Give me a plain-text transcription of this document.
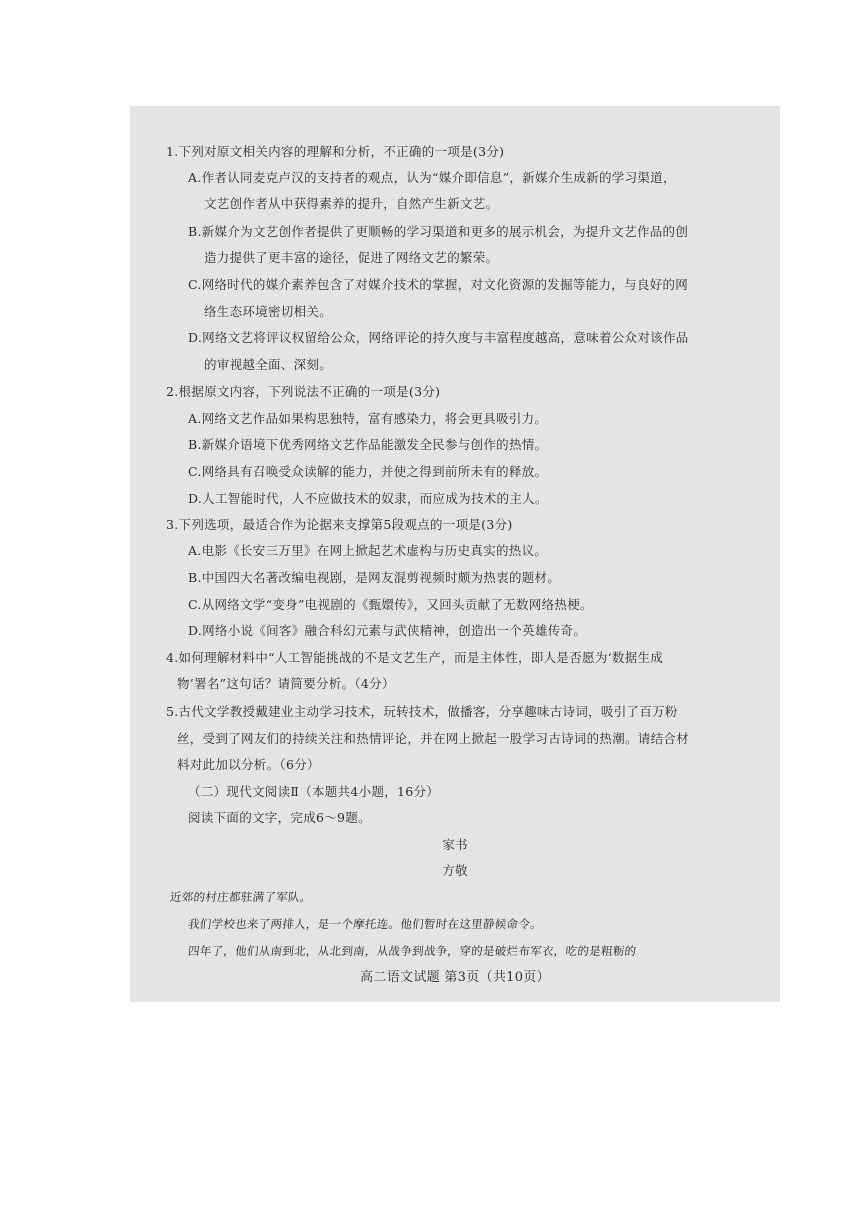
1.下列对原文相关内容的理解和分析，不正确的一项是(3分)
A.作者认同麦克卢汉的支持者的观点，认为“媒介即信息”，新媒介生成新的学习渠道，
文艺创作者从中获得素养的提升，自然产生新文艺。
B.新媒介为文艺创作者提供了更顺畅的学习渠道和更多的展示机会，为提升文艺作品的创
造力提供了更丰富的途径，促进了网络文艺的繁荣。
C.网络时代的媒介素养包含了对媒介技术的掌握，对文化资源的发掘等能力，与良好的网
络生态环境密切相关。
D.网络文艺将评议权留给公众，网络评论的持久度与丰富程度越高，意味着公众对该作品
的审视越全面、深刻。
2.根据原文内容，下列说法不正确的一项是(3分)
A.网络文艺作品如果构思独特，富有感染力，将会更具吸引力。
B.新媒介语境下优秀网络文艺作品能激发全民参与创作的热情。
C.网络具有召唤受众读解的能力，并使之得到前所未有的释放。
D.人工智能时代，人不应做技术的奴隶，而应成为技术的主人。
3.下列选项，最适合作为论据来支撑第5段观点的一项是(3分)
A.电影《长安三万里》在网上掀起艺术虚构与历史真实的热议。
B.中国四大名著改编电视剧，是网友混剪视频时颇为热衷的题材。
C.从网络文学“变身”电视剧的《甄嬛传》，又回头贡献了无数网络热梗。
D.网络小说《间客》融合科幻元素与武侠精神，创造出一个英雄传奇。
4.如何理解材料中“人工智能挑战的不是文艺生产，而是主体性，即人是否愿为‘数据生成
物’署名”这句话？请简要分析。（4分）
5.古代文学教授戴建业主动学习技术，玩转技术，做播客，分享趣味古诗词，吸引了百万粉
丝，受到了网友们的持续关注和热情评论，并在网上掀起一股学习古诗词的热潮。请结合材
料对此加以分析。（6分）
（二）现代文阅读Ⅱ（本题共4小题，16分）
阅读下面的文字，完成6～9题。
家书
方敬
近郊的村庄都驻满了军队。
我们学校也来了两排人，是一个摩托连。他们暂时在这里静候命令。
四年了，他们从南到北，从北到南，从战争到战争，穿的是破烂布军衣，吃的是粗粝的
高二语文试题 第3页（共10页）
